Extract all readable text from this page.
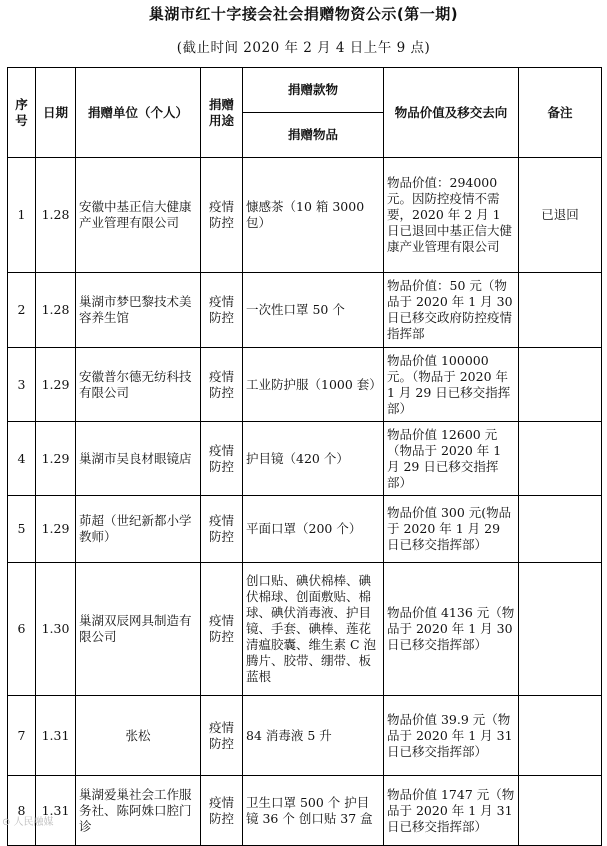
巢湖市红十字接会社会捐赠物资公示(第一期)
(截止时间 2020 年 2 月 4 日上午 9 点)
序号	日期	捐赠单位（个人）	捐赠用途	捐赠款物	物品价值及移交去向	备注
				捐赠物品		
1	1.28	安徽中基正信大健康产业管理有限公司	疫情防控	慷感茶（10 箱 3000 包）	物品价值：294000元。因防控疫情不需要，2020 年 2 月 1 日已退回中基正信大健康产业管理有限公司	已退回
2	1.28	巢湖市梦巴黎技术美容养生馆	疫情防控	一次性口罩 50 个	物品价值：50 元（物品于 2020 年 1 月 30 日已移交政府防控疫情指挥部	
3	1.29	安徽普尔德无纺科技有限公司	疫情防控	工业防护服（1000 套）	物品价值 100000 元。（物品于 2020 年 1 月 29 日已移交指挥部）	
4	1.29	巢湖市吴良材眼镜店	疫情防控	护目镜（420 个）	物品价值 12600 元（物品于 2020 年 1 月 29 日已移交指挥部）	
5	1.29	茆超（世纪新都小学教师）	疫情防控	平面口罩（200 个）	物品价值 300 元(物品于 2020 年 1 月 29 日已移交指挥部）	
6	1.30	巢湖双辰网具制造有限公司	疫情防控	创口贴、碘伏棉棒、碘伏棉球、创面敷贴、棉球、碘伏消毒液、护目镜、手套、碘棒、莲花清瘟胶囊、维生素 C 泡腾片、胶带、绷带、板蓝根	物品价值 4136 元（物品于 2020 年 1 月 30 日已移交指挥部）	
7	1.31	张松	疫情防控	84 消毒液 5 升	物品价值 39.9 元（物品于 2020 年 1 月 31 日已移交指挥部）	
8	1.31	巢湖爱巢社会工作服务社、陈阿姝口腔门诊	疫情防控	卫生口罩 500 个 护目镜 36 个 创口贴 37 盒	物品价值 1747 元（物品于 2020 年 1 月 31 日已移交指挥部）	
⊙ 人民融媒
